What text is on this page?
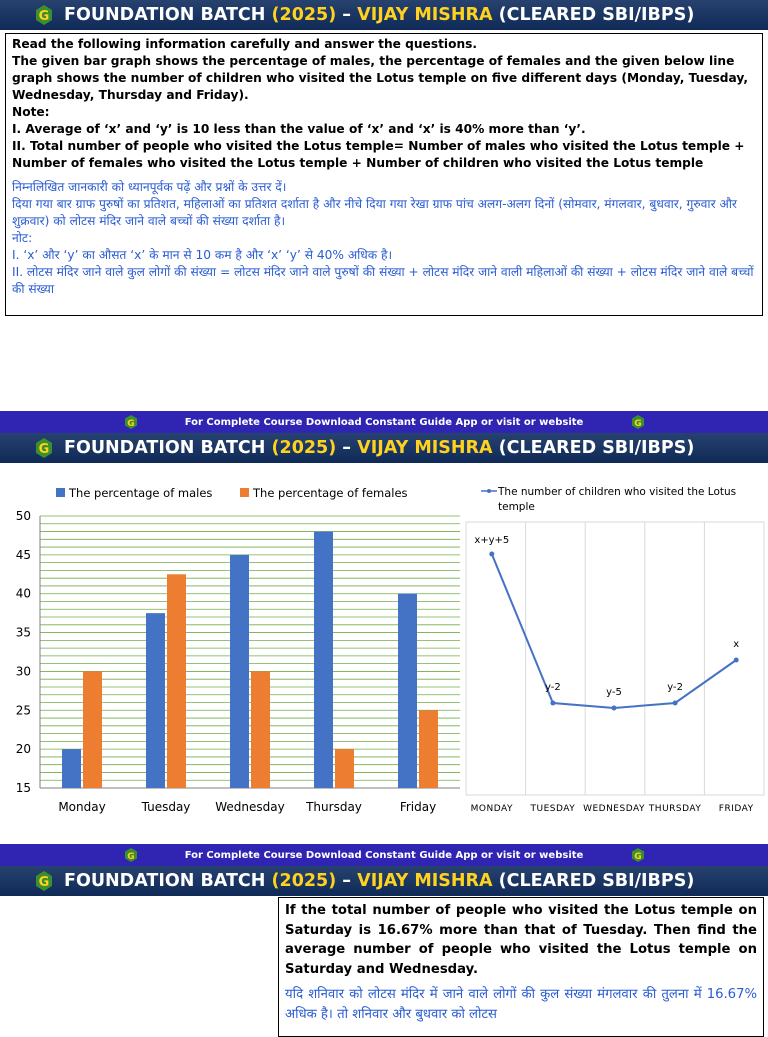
G FOUNDATION BATCH (2025) – VIJAY MISHRA (CLEARED SBI/IBPS)

Read the following information carefully and answer the questions.

The given bar graph shows the percentage of males, the percentage of females and the given below line graph shows the number of children who visited the Lotus temple on five different days (Monday, Tuesday, Wednesday, Thursday and Friday).

Note:

I. Average of ‘x’ and ‘y’ is 10 less than the value of ‘x’ and ‘x’ is 40% more than ‘y’.

II. Total number of people who visited the Lotus temple= Number of males who visited the Lotus temple + Number of females who visited the Lotus temple + Number of children who visited the Lotus temple

निम्नलिखित जानकारी को ध्यानपूर्वक पढ़ें और प्रश्नों के उत्तर दें।

दिया गया बार ग्राफ पुरुषों का प्रतिशत, महिलाओं का प्रतिशत दर्शाता है और नीचे दिया गया रेखा ग्राफ पांच अलग-अलग दिनों (सोमवार, मंगलवार, बुधवार, गुरुवार और शुक्रवार) को लोटस मंदिर जाने वाले बच्चों की संख्या दर्शाता है।

नोट:

I. ‘x’ और ‘y’ का औसत ‘x’ के मान से 10 कम है और ‘x’ ‘y’ से 40% अधिक है।

II. लोटस मंदिर जाने वाले कुल लोगों की संख्या = लोटस मंदिर जाने वाले पुरुषों की संख्या + लोटस मंदिर जाने वाली महिलाओं की संख्या + लोटस मंदिर जाने वाले बच्चों की संख्या

G	For Complete Course Download Constant Guide App or visit or website	G
G FOUNDATION BATCH (2025) – VIJAY MISHRA (CLEARED SBI/IBPS)
15
20
25
30
35
40
45
50
Monday	Tuesday Wednesday Thursday	Friday
The percentage of males	The percentage of females
x+y+5
y-2	y-5	y-2
x
MONDAY TUESDAY WEDNESDAY THURSDAY FRIDAY
The number of children who visited the Lotus temple
G	For Complete Course Download Constant Guide App or visit or website	G
G FOUNDATION BATCH (2025) – VIJAY MISHRA (CLEARED SBI/IBPS)

If the total number of people who visited the Lotus temple on Saturday is 16.67% more than that of Tuesday. Then find the average number of people who visited the Lotus temple on Saturday and Wednesday.

यदि शनिवार को लोटस मंदिर में जाने वाले लोगों की कुल संख्या मंगलवार की तुलना में 16.67% अधिक है। तो शनिवार और बुधवार को लोटस
